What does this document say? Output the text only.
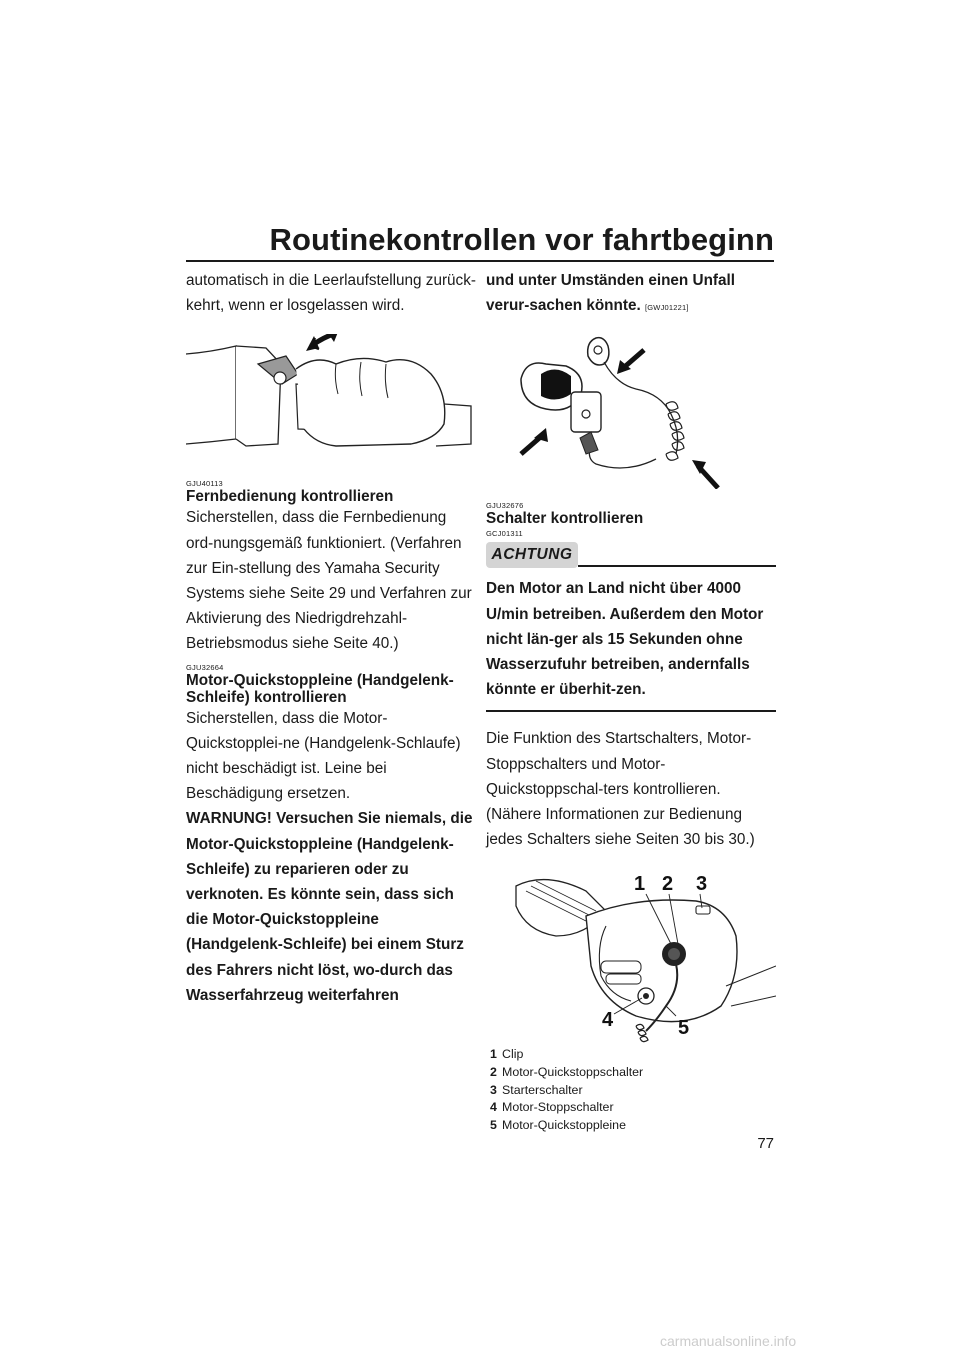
Routinekontrollen vor fahrtbeginn

automatisch in die Leerlaufstellung zurück-kehrt, wenn er losgelassen wird.

GJU40113
Fernbedienung kontrollieren

Sicherstellen, dass die Fernbedienung ord-nungsgemäß funktioniert. (Verfahren zur Ein-stellung des Yamaha Security Systems siehe Seite 29 und Verfahren zur Aktivierung des Niedrigdrehzahl-Betriebsmodus siehe Seite 40.)

GJU32664
Motor-Quickstoppleine (Handgelenk-Schleife) kontrollieren

Sicherstellen, dass die Motor-Quickstopplei-ne (Handgelenk-Schlaufe) nicht beschädigt ist. Leine bei Beschädigung ersetzen.

WARNUNG! Versuchen Sie niemals, die Motor-Quickstoppleine (Handgelenk-Schleife) zu reparieren oder zu verknoten. Es könnte sein, dass sich die Motor-Quickstoppleine (Handgelenk-Schleife) bei einem Sturz des Fahrers nicht löst, wo-durch das Wasserfahrzeug weiterfahren

und unter Umständen einen Unfall verur-sachen könnte. [GWJ01221]

GJU32676
Schalter kontrollieren
GCJ01311
ACHTUNG

Den Motor an Land nicht über 4000 U/min betreiben. Außerdem den Motor nicht län-ger als 15 Sekunden ohne Wasserzufuhr betreiben, andernfalls könnte er überhit-zen.

Die Funktion des Startschalters, Motor-Stoppschalters und Motor-Quickstoppschal-ters kontrollieren. (Nähere Informationen zur Bedienung jedes Schalters siehe Seiten 30 bis 30.)

1 2 3
4	5
1 Clip
2 Motor-Quickstoppschalter
3 Starterschalter
4 Motor-Stoppschalter
5 Motor-Quickstoppleine
77
carmanualsonline.info
